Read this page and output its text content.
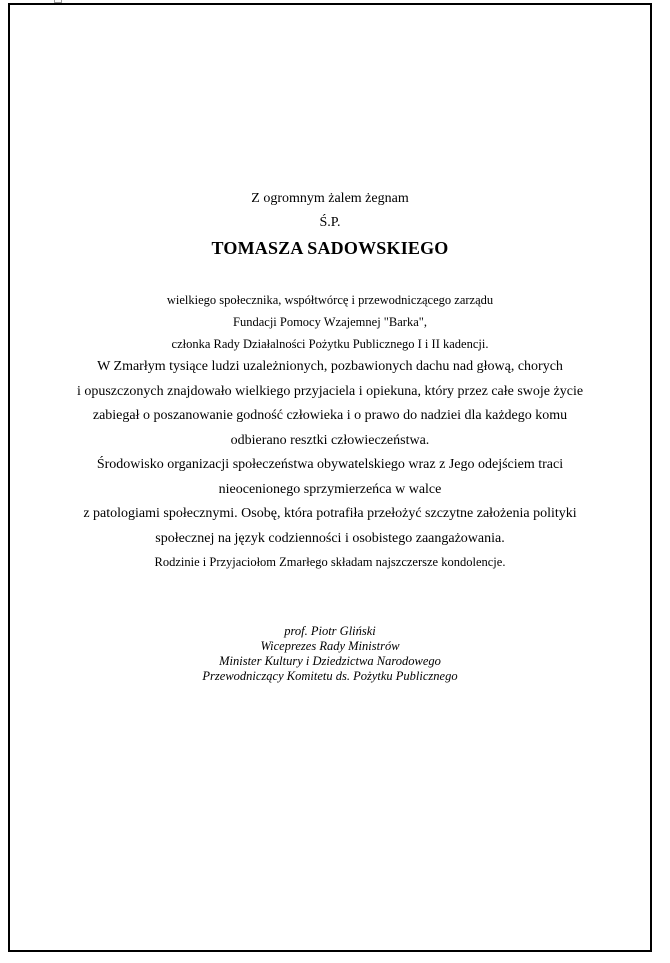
Z ogromnym żalem żegnam
Ś.P.
TOMASZA SADOWSKIEGO
wielkiego społecznika, współtwórcę i przewodniczącego zarządu
Fundacji Pomocy Wzajemnej "Barka",
członka Rady Działalności Pożytku Publicznego I i II kadencji.
W Zmarłym tysiące ludzi uzależnionych, pozbawionych dachu nad głową, chorych
i opuszczonych znajdowało wielkiego przyjaciela i opiekuna, który przez całe swoje życie
zabiegał o poszanowanie godność człowieka i o prawo do nadziei dla każdego komu
odbierano resztki człowieczeństwa.
Środowisko organizacji społeczeństwa obywatelskiego wraz z Jego odejściem traci
nieocenionego sprzymierzeńca w walce
z patologiami społecznymi. Osobę, która potrafiła przełożyć szczytne założenia polityki
społecznej na język codzienności i osobistego zaangażowania.
Rodzinie i Przyjaciołom Zmarłego składam najszczersze kondolencje.
prof. Piotr Gliński
Wiceprezes Rady Ministrów
Minister Kultury i Dziedzictwa Narodowego
Przewodniczący Komitetu ds. Pożytku Publicznego
